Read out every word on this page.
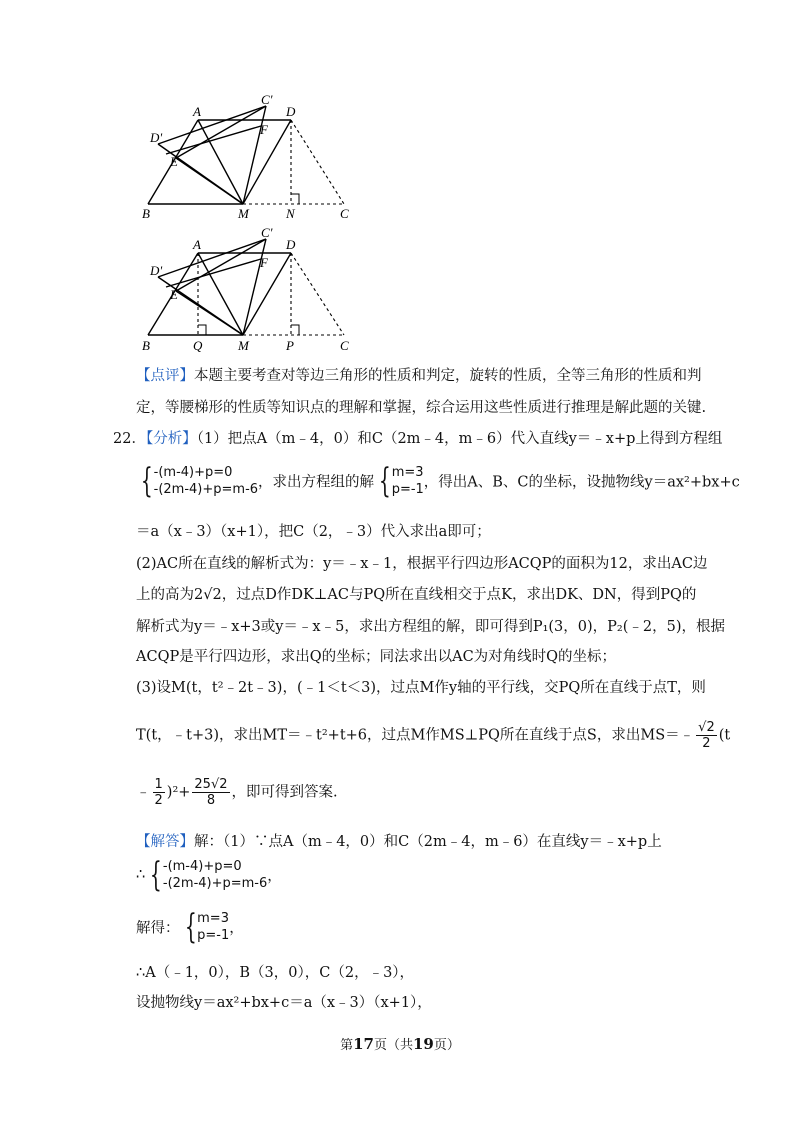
A
C'
D
D'
E
F
B	M	N	C
A
C'
D
D'
E
F
B	Q	M	P	C
【点评】本题主要考查对等边三角形的性质和判定，旋转的性质，全等三角形的性质和判
定，等腰梯形的性质等知识点的理解和掌握，综合运用这些性质进行推理是解此题的关键.
22．【分析】（1）把点A（m﹣4，0）和C（2m﹣4，m﹣6）代入直线y＝﹣x+p上得到方程组
{-(m-4)+p=0
-(2m-4)+p=m-6，求出方程组的解 {m=3
p=-1，得出A、B、C的坐标，设抛物线y＝ax²+bx+c
＝a（x﹣3）（x+1），把C（2，﹣3）代入求出a即可；
(2)AC所在直线的解析式为：y＝﹣x﹣1，根据平行四边形ACQP的面积为12，求出AC边
上的高为2√2，过点D作DK⊥AC与PQ所在直线相交于点K，求出DK、DN，得到PQ的
解析式为y＝﹣x+3或y＝﹣x﹣5，求出方程组的解，即可得到P₁(3，0)，P₂(﹣2，5)，根据
ACQP是平行四边形，求出Q的坐标；同法求出以AC为对角线时Q的坐标；
(3)设M(t，t²﹣2t﹣3)，(﹣1＜t＜3)，过点M作y轴的平行线，交PQ所在直线于点T，则
T(t，﹣t+3)，求出MT＝﹣t²+t+6，过点M作MS⊥PQ所在直线于点S，求出MS＝﹣ $\frac{√2}{2} (t$
﹣ $\frac{1}{2} )^2+ \frac{25√2}{8}$ ，即可得到答案.
【解答】解：（1）∵点A（m﹣4，0）和C（2m﹣4，m﹣6）在直线y＝﹣x+p上
∴ {-(m-4)+p=0
-(2m-4)+p=m-6，
解得： {m=3
p=-1，
∴A（﹣1，0），B（3，0），C（2，﹣3），
设抛物线y＝ax²+bx+c＝a（x﹣3）（x+1），
第17页（共19页）
